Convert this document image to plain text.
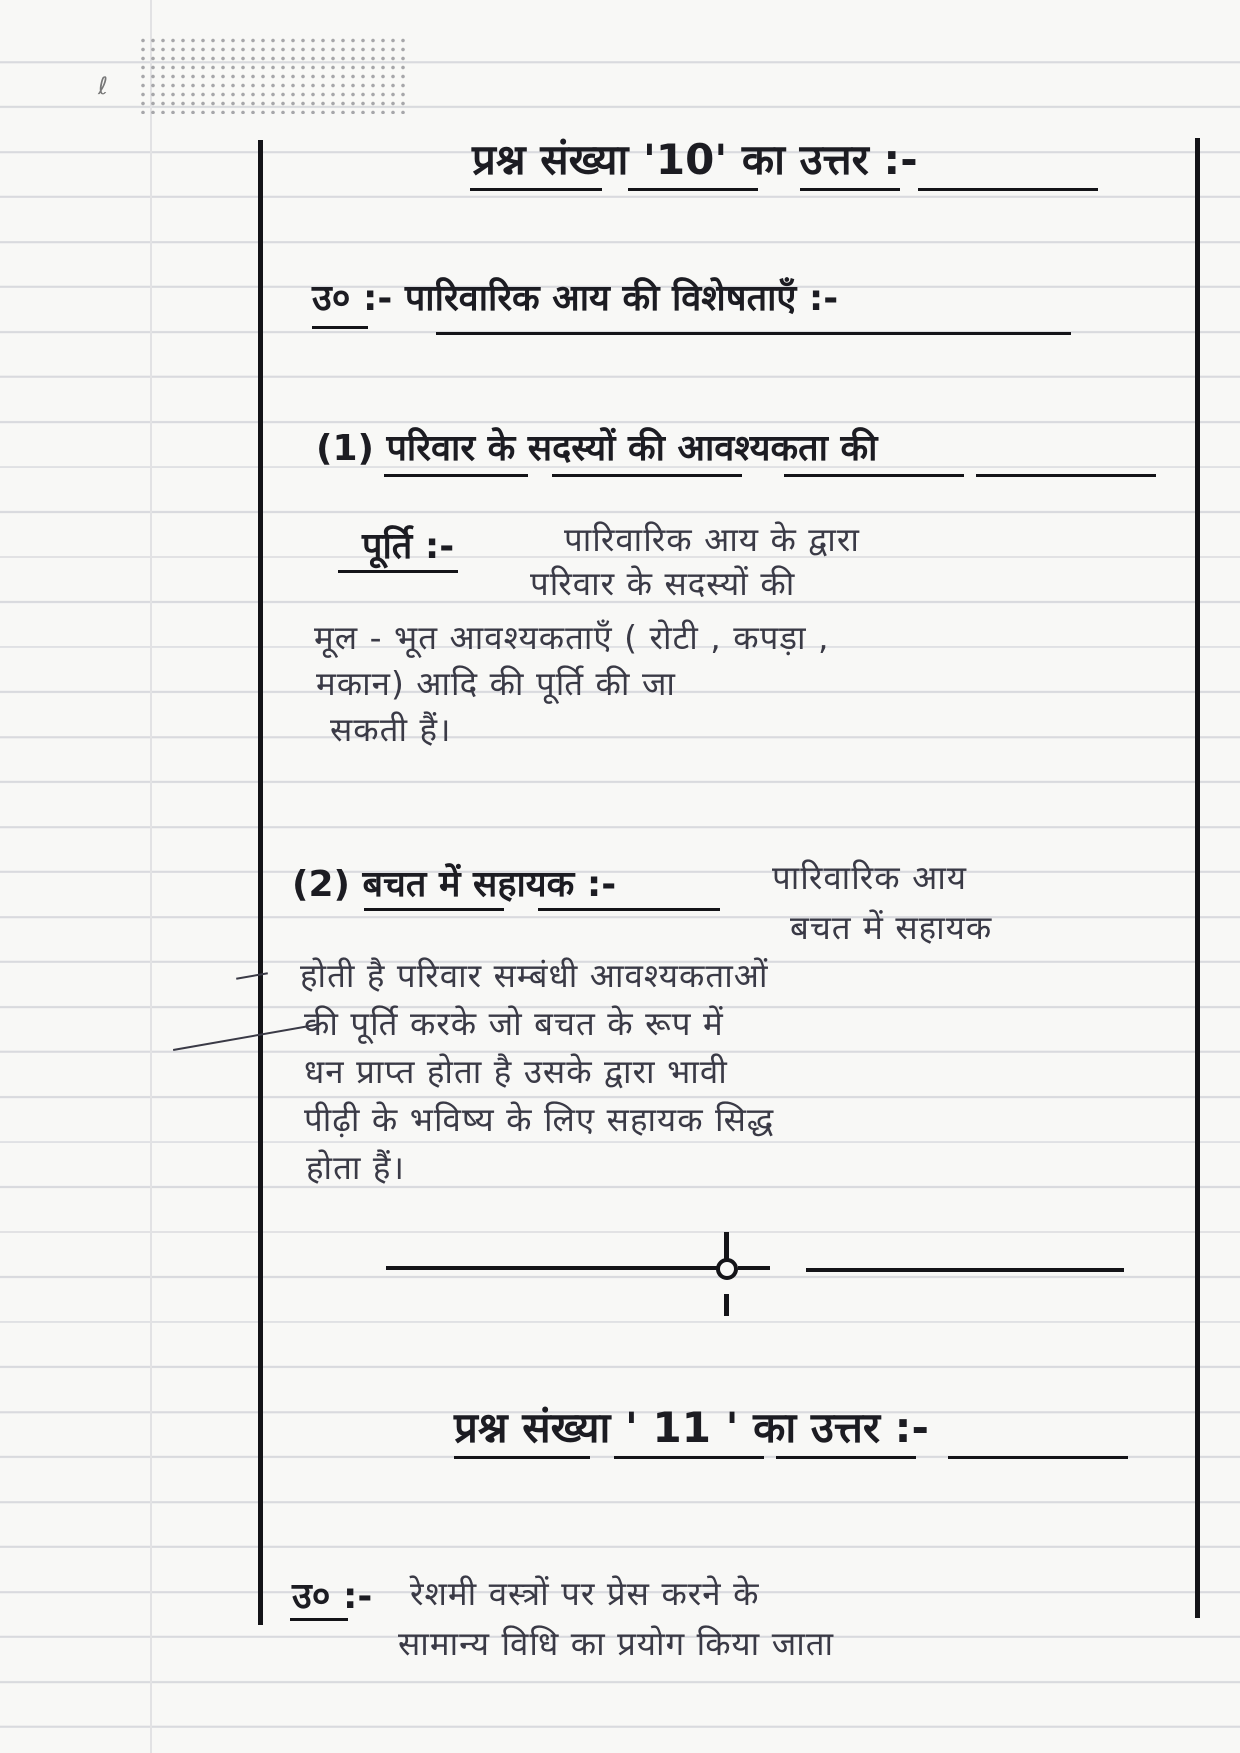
ℓ
प्रश्न संख्या '10' का उत्तर :-
उ० :- पारिवारिक आय की विशेषताएँ :-
(1) परिवार के सदस्यों की आवश्यकता की
पूर्ति :-	पारिवारिक आय के द्वारा
परिवार के सदस्यों की
मूल - भूत आवश्यकताएँ ( रोटी , कपड़ा ,
मकान) आदि की पूर्ति की जा
सकती हैं।
(2) बचत में सहायक :-	पारिवारिक आय
बचत में सहायक
होती है परिवार सम्बंधी आवश्यकताओं
की पूर्ति करके जो बचत के रूप में
धन प्राप्त होता है उसके द्वारा भावी
पीढ़ी के भविष्य के लिए सहायक सिद्ध
होता हैं।
प्रश्न संख्या ' 11 ' का उत्तर :-
उ० :- रेशमी वस्त्रों पर प्रेस करने के
सामान्य विधि का प्रयोग किया जाता
